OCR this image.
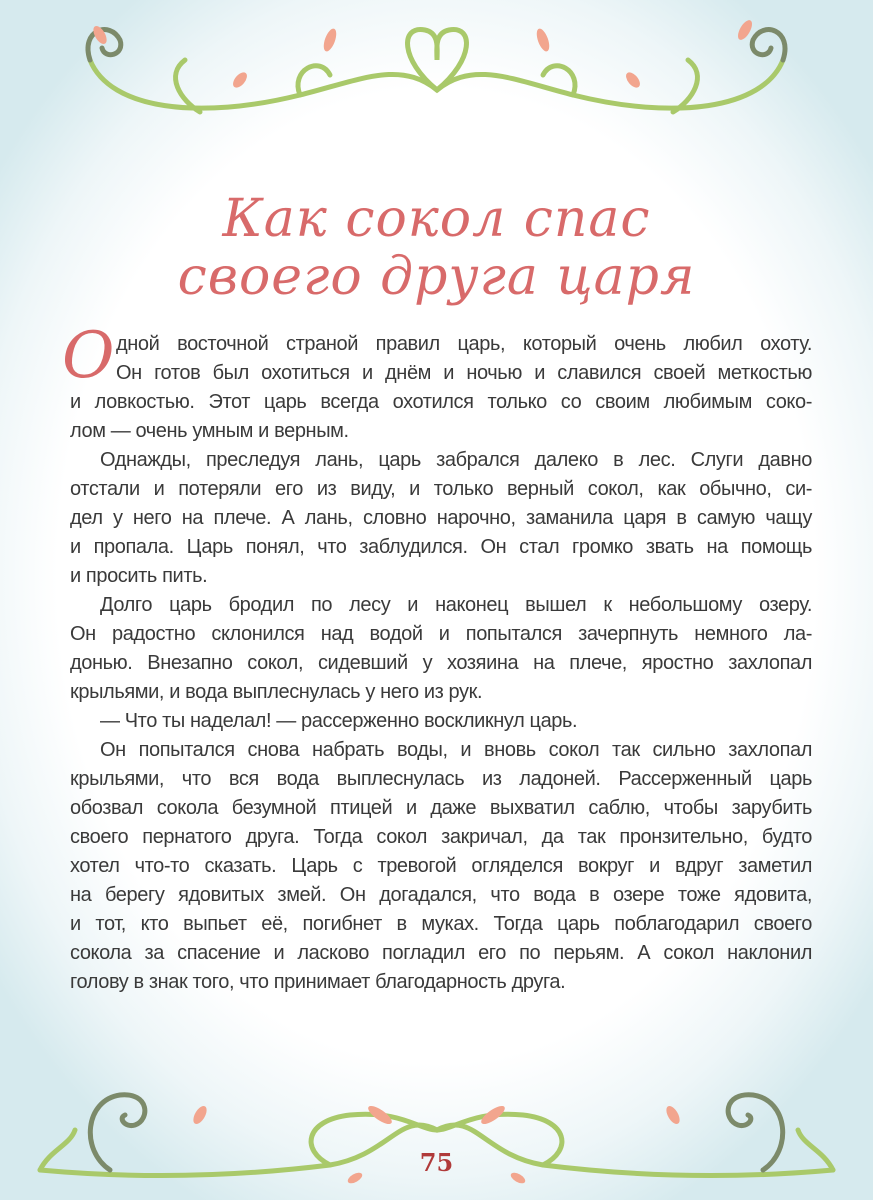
Как сокол спас
своего друга царя
О дной восточной страной правил царь, который очень любил охоту.
Он готов был охотиться и днём и ночью и славился своей меткостью
и ловкостью. Этот царь всегда охотился только со своим любимым соко-
лом — очень умным и верным.
Однажды, преследуя лань, царь забрался далеко в лес. Слуги давно
отстали и потеряли его из виду, и только верный сокол, как обычно, си-
дел у него на плече. А лань, словно нарочно, заманила царя в самую чащу
и пропала. Царь понял, что заблудился. Он стал громко звать на помощь
и просить пить.
Долго царь бродил по лесу и наконец вышел к небольшому озеру.
Он радостно склонился над водой и попытался зачерпнуть немного ла-
донью. Внезапно сокол, сидевший у хозяина на плече, яростно захлопал
крыльями, и вода выплеснулась у него из рук.
— Что ты наделал! — рассерженно воскликнул царь.
Он попытался снова набрать воды, и вновь сокол так сильно захлопал
крыльями, что вся вода выплеснулась из ладоней. Рассерженный царь
обозвал сокола безумной птицей и даже выхватил саблю, чтобы зарубить
своего пернатого друга. Тогда сокол закричал, да так пронзительно, будто
хотел что-то сказать. Царь с тревогой огляделся вокруг и вдруг заметил
на берегу ядовитых змей. Он догадался, что вода в озере тоже ядовита,
и тот, кто выпьет её, погибнет в муках. Тогда царь поблагодарил своего
сокола за спасение и ласково погладил его по перьям. А сокол наклонил
голову в знак того, что принимает благодарность друга.
75
